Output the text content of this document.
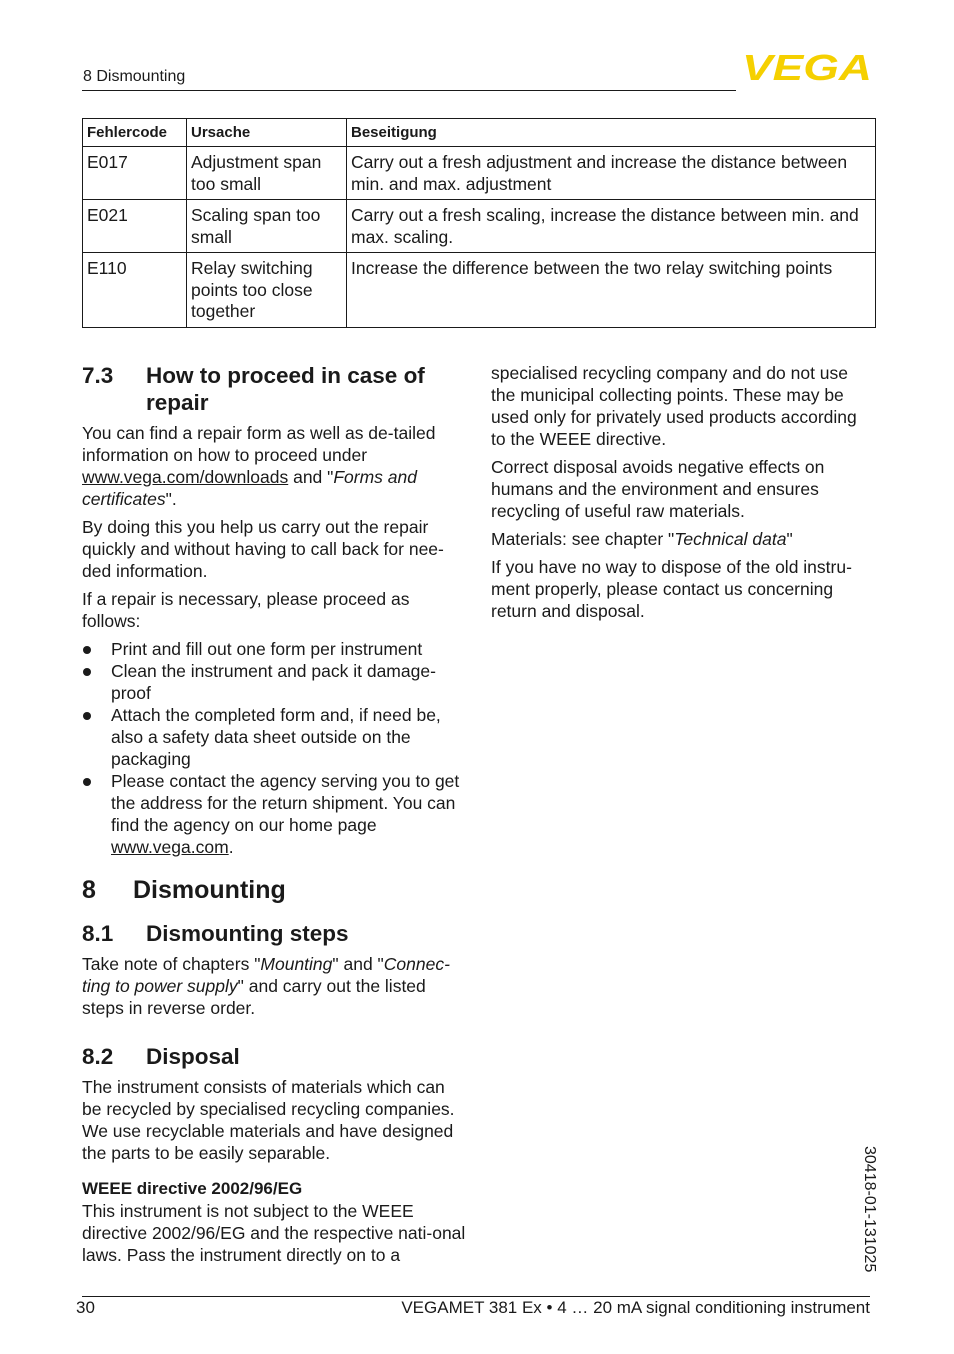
8 Dismounting	VEGA
Fehlercode	Ursache	Beseitigung
E017	Adjustment span too small	Carry out a fresh adjustment and increase the distance between min. and max. adjustment
E021	Scaling span too small	Carry out a fresh scaling, increase the distance between min. and max. scaling.
E110	Relay switching points too close together	Increase the difference between the two relay switching points
7.3	How to proceed in case of repair

You can find a repair form as well as de-tailed information on how to proceed under www.vega.com/downloads and "Forms and certificates".

By doing this you help us carry out the repair quickly and without having to call back for nee-ded information.

If a repair is necessary, please proceed as follows:

Print and fill out one form per instrument
Clean the instrument and pack it damage-proof
Attach the completed form and, if need be, also a safety data sheet outside on the packaging
Please contact the agency serving you to get the address for the return shipment. You can find the agency on our home page www.vega.com.
8	Dismounting
8.1	Dismounting steps

Take note of chapters "Mounting" and "Connec-ting to power supply" and carry out the listed steps in reverse order.

8.2	Disposal

The instrument consists of materials which can be recycled by specialised recycling companies. We use recyclable materials and have designed the parts to be easily separable.

WEEE directive 2002/96/EG

This instrument is not subject to the WEEE directive 2002/96/EG and the respective nati-onal laws. Pass the instrument directly on to a

specialised recycling company and do not use the municipal collecting points. These may be used only for privately used products according to the WEEE directive.

Correct disposal avoids negative effects on humans and the environment and ensures recycling of useful raw materials.

Materials: see chapter "Technical data"

If you have no way to dispose of the old instru-ment properly, please contact us concerning return and disposal.

30418-01-131025
30	VEGAMET 381 Ex • 4 … 20 mA signal conditioning instrument
